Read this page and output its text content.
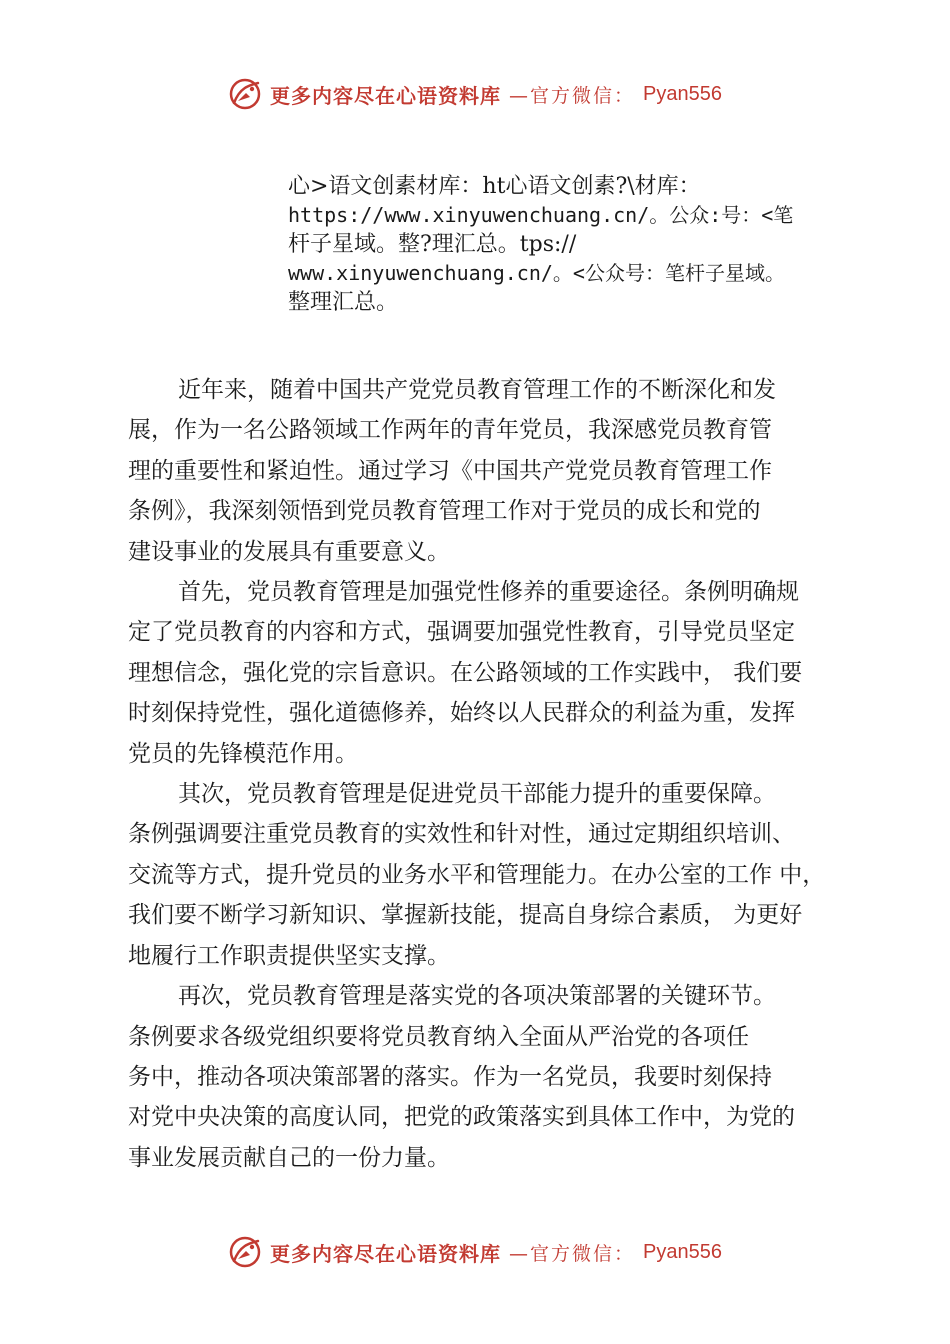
更多内容尽在心语资料库 —官方微信： Pyan556
心>语文创素材库：ht心语文创素?\材库：
https://www.xinyuwenchuang.cn/。公众:号：<笔
杆子星域。整?理汇总。tps://
www.xinyuwenchuang.cn/。<公众号：笔杆子星域。
整理汇总。

近年来，随着中国共产党党员教育管理工作的不断深化和发
展，作为一名公路领域工作两年的青年党员，我深感党员教育管
理的重要性和紧迫性。通过学习《中国共产党党员教育管理工作
条例》，我深刻领悟到党员教育管理工作对于党员的成长和党的
建设事业的发展具有重要意义。

首先，党员教育管理是加强党性修养的重要途径。条例明确规
定了党员教育的内容和方式，强调要加强党性教育，引导党员坚定
理想信念，强化党的宗旨意识。在公路领域的工作实践中， 我们要
时刻保持党性，强化道德修养，始终以人民群众的利益为重，发挥
党员的先锋模范作用。

其次，党员教育管理是促进党员干部能力提升的重要保障。
条例强调要注重党员教育的实效性和针对性，通过定期组织培训、
交流等方式，提升党员的业务水平和管理能力。在办公室的工作 中，
我们要不断学习新知识、掌握新技能，提高自身综合素质， 为更好
地履行工作职责提供坚实支撑。

再次，党员教育管理是落实党的各项决策部署的关键环节。
条例要求各级党组织要将党员教育纳入全面从严治党的各项任
务中，推动各项决策部署的落实。作为一名党员，我要时刻保持
对党中央决策的高度认同，把党的政策落实到具体工作中，为党的
事业发展贡献自己的一份力量。

更多内容尽在心语资料库 —官方微信： Pyan556
